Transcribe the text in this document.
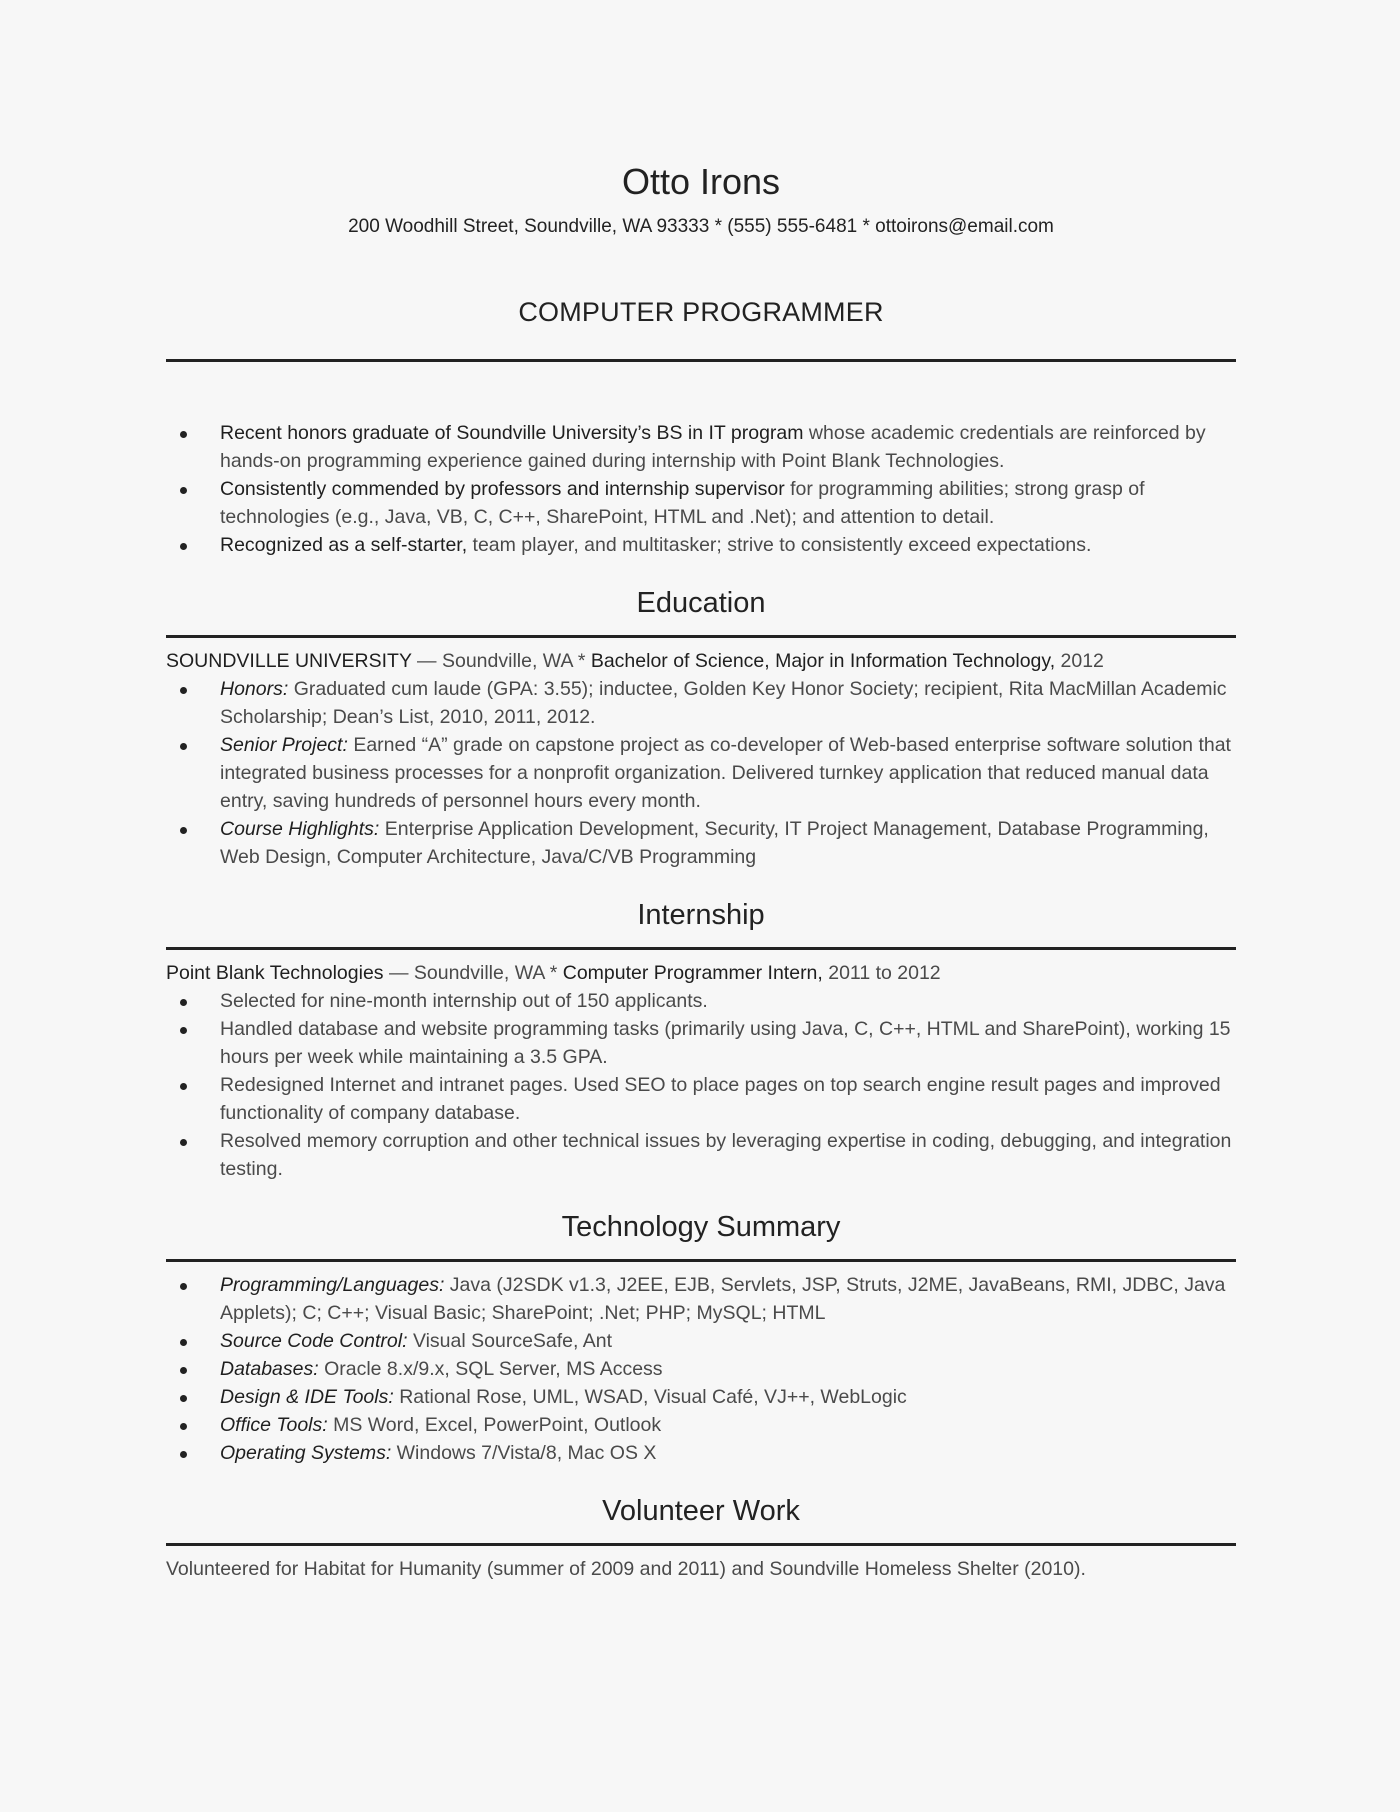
Otto Irons
200 Woodhill Street, Soundville, WA 93333 * (555) 555-6481 * ottoirons@email.com
COMPUTER PROGRAMMER
Recent honors graduate of Soundville University’s BS in IT program whose academic credentials are reinforced by hands-on programming experience gained during internship with Point Blank Technologies.
Consistently commended by professors and internship supervisor for programming abilities; strong grasp of technologies (e.g., Java, VB, C, C++, SharePoint, HTML and .Net); and attention to detail.
Recognized as a self-starter, team player, and multitasker; strive to consistently exceed expectations.
Education
SOUNDVILLE UNIVERSITY — Soundville, WA * Bachelor of Science, Major in Information Technology, 2012
Honors: Graduated cum laude (GPA: 3.55); inductee, Golden Key Honor Society; recipient, Rita MacMillan Academic Scholarship; Dean’s List, 2010, 2011, 2012.
Senior Project: Earned “A” grade on capstone project as co-developer of Web-based enterprise software solution that integrated business processes for a nonprofit organization. Delivered turnkey application that reduced manual data entry, saving hundreds of personnel hours every month.
Course Highlights: Enterprise Application Development, Security, IT Project Management, Database Programming, Web Design, Computer Architecture, Java/C/VB Programming
Internship
Point Blank Technologies — Soundville, WA * Computer Programmer Intern, 2011 to 2012
Selected for nine-month internship out of 150 applicants.
Handled database and website programming tasks (primarily using Java, C, C++, HTML and SharePoint), working 15 hours per week while maintaining a 3.5 GPA.
Redesigned Internet and intranet pages. Used SEO to place pages on top search engine result pages and improved functionality of company database.
Resolved memory corruption and other technical issues by leveraging expertise in coding, debugging, and integration testing.
Technology Summary
Programming/Languages: Java (J2SDK v1.3, J2EE, EJB, Servlets, JSP, Struts, J2ME, JavaBeans, RMI, JDBC, Java Applets); C; C++; Visual Basic; SharePoint; .Net; PHP; MySQL; HTML
Source Code Control: Visual SourceSafe, Ant
Databases: Oracle 8.x/9.x, SQL Server, MS Access
Design & IDE Tools: Rational Rose, UML, WSAD, Visual Café, VJ++, WebLogic
Office Tools: MS Word, Excel, PowerPoint, Outlook
Operating Systems: Windows 7/Vista/8, Mac OS X
Volunteer Work
Volunteered for Habitat for Humanity (summer of 2009 and 2011) and Soundville Homeless Shelter (2010).
